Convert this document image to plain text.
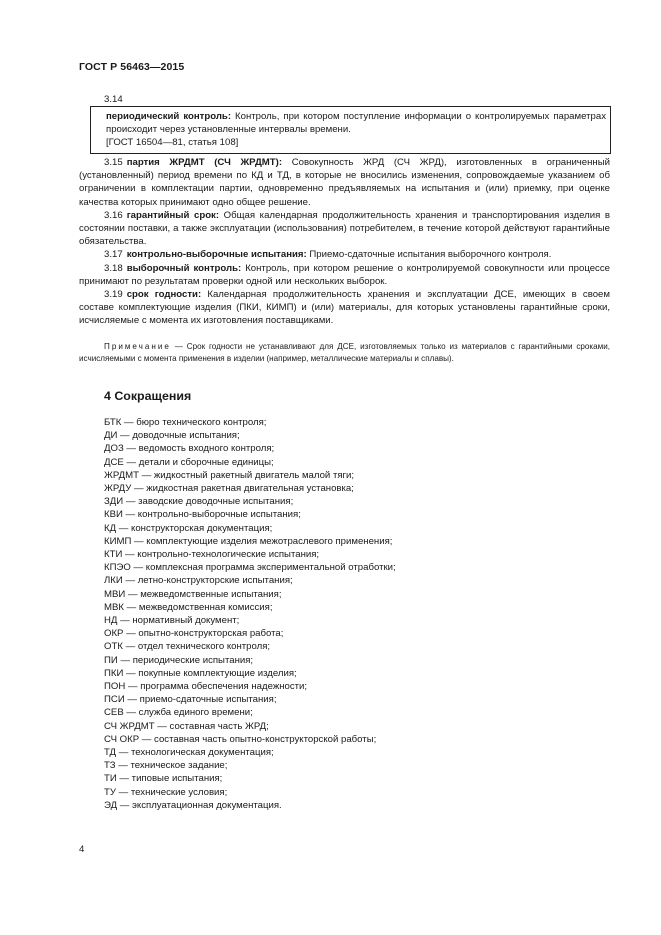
ГОСТ Р 56463—2015
3.14

периодический контроль: Контроль, при котором поступление информации о контролируемых параметрах происходит через установленные интервалы времени.

[ГОСТ 16504—81, статья 108]

3.15 партия ЖРДМТ (СЧ ЖРДМТ): Совокупность ЖРД (СЧ ЖРД), изготовленных в ограниченный (установленный) период времени по КД и ТД, в которые не вносились изменения, сопровождаемые указанием об ограничении в комплектации партии, одновременно предъявляемых на испытания и (или) приемку, при оценке качества которых принимают одно общее решение.

3.16 гарантийный срок: Общая календарная продолжительность хранения и транспортирования изделия в состоянии поставки, а также эксплуатации (использования) потребителем, в течение которой действуют гарантийные обязательства.

3.17 контрольно-выборочные испытания: Приемо-сдаточные испытания выборочного контроля.

3.18 выборочный контроль: Контроль, при котором решение о контролируемой совокупности или процессе принимают по результатам проверки одной или нескольких выборок.

3.19 срок годности: Календарная продолжительность хранения и эксплуатации ДСЕ, имеющих в своем составе комплектующие изделия (ПКИ, КИМП) и (или) материалы, для которых установлены гарантийные сроки, исчисляемые с момента их изготовления поставщиками.

Примечание — Срок годности не устанавливают для ДСЕ, изготовляемых только из материалов с гарантийными сроками, исчисляемыми с момента применения в изделии (например, металлические материалы и сплавы).
4 Сокращения
БТК — бюро технического контроля;
ДИ — доводочные испытания;
ДОЗ — ведомость входного контроля;
ДСЕ — детали и сборочные единицы;
ЖРДМТ — жидкостный ракетный двигатель малой тяги;
ЖРДУ — жидкостная ракетная двигательная установка;
ЗДИ — заводские доводочные испытания;
КВИ — контрольно-выборочные испытания;
КД — конструкторская документация;
КИМП — комплектующие изделия межотраслевого применения;
КТИ — контрольно-технологические испытания;
КПЭО — комплексная программа экспериментальной отработки;
ЛКИ — летно-конструкторские испытания;
МВИ — межведомственные испытания;
МВК — межведомственная комиссия;
НД — нормативный документ;
ОКР — опытно-конструкторская работа;
ОТК — отдел технического контроля;
ПИ — периодические испытания;
ПКИ — покупные комплектующие изделия;
ПОН — программа обеспечения надежности;
ПСИ — приемо-сдаточные испытания;
СЕВ — служба единого времени;
СЧ ЖРДМТ — составная часть ЖРД;
СЧ ОКР — составная часть опытно-конструкторской работы;
ТД — технологическая документация;
ТЗ — техническое задание;
ТИ — типовые испытания;
ТУ — технические условия;
ЭД — эксплуатационная документация.
4
